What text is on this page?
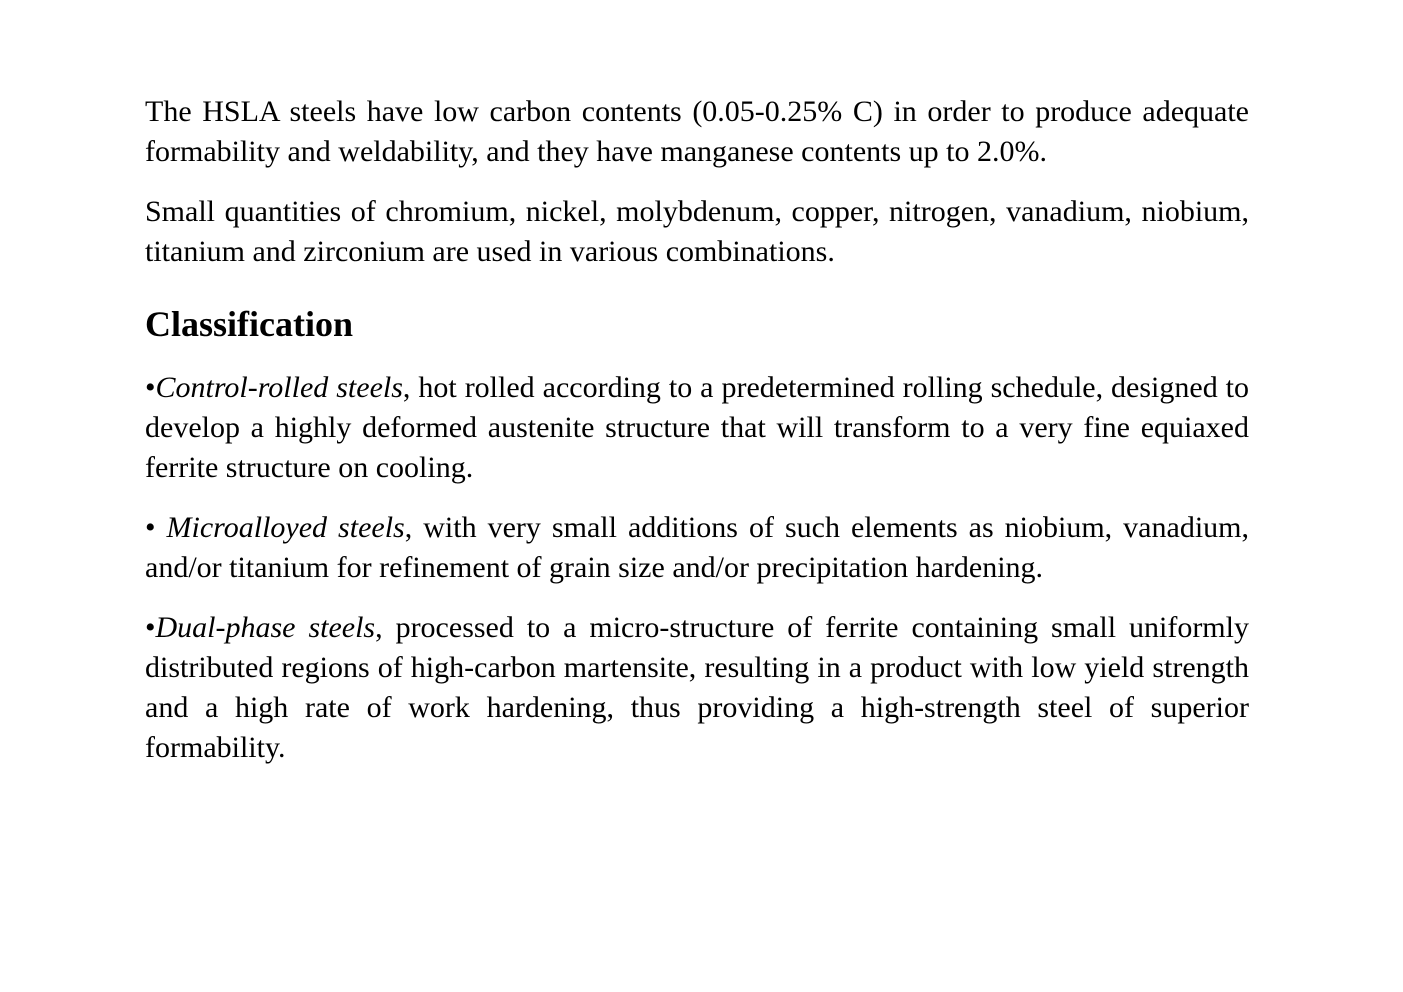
The HSLA steels have low carbon contents (0.05-0.25% C) in order to produce adequate formability and weldability, and they have manganese contents up to 2.0%.

Small quantities of chromium, nickel, molybdenum, copper, nitrogen, vanadium, niobium, titanium and zirconium are used in various combinations.

Classification

•Control-rolled steels, hot rolled according to a predetermined rolling schedule, designed to develop a highly deformed austenite structure that will transform to a very fine equiaxed ferrite structure on cooling.

• Microalloyed steels, with very small additions of such elements as niobium, vanadium, and/or titanium for refinement of grain size and/or precipitation hardening.

•Dual-phase steels, processed to a micro-structure of ferrite containing small uniformly distributed regions of high-carbon martensite, resulting in a product with low yield strength and a high rate of work hardening, thus providing a high-strength steel of superior formability.
